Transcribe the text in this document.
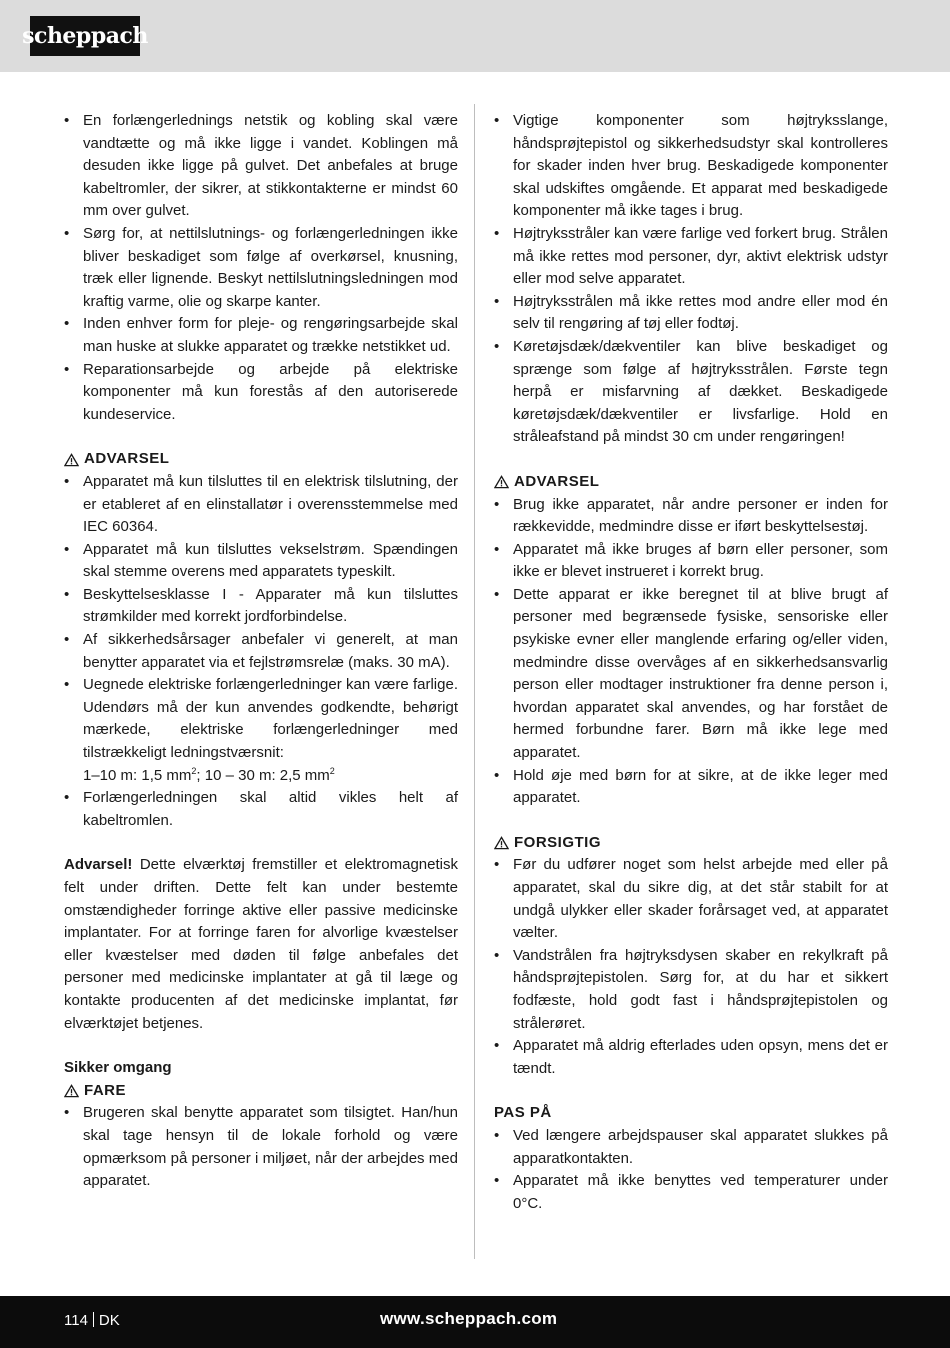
scheppach
• En forlængerlednings netstik og kobling skal være vandtætte og må ikke ligge i vandet. Koblingen må desuden ikke ligge på gulvet. Det anbefales at bruge kabeltromler, der sikrer, at stikkontakterne er mindst 60 mm over gulvet.
• Sørg for, at nettilslutnings- og forlængerledningen ikke bliver beskadiget som følge af overkørsel, knusning, træk eller lignende. Beskyt nettilslutningsledningen mod kraftig varme, olie og skarpe kanter.
• Inden enhver form for pleje- og rengøringsarbejde skal man huske at slukke apparatet og trække netstikket ud.
• Reparationsarbejde og arbejde på elektriske komponenter må kun forestås af den autoriserede kundeservice.
ADVARSEL
• Apparatet må kun tilsluttes til en elektrisk tilslutning, der er etableret af en elinstallatør i overensstemmelse med IEC 60364.
• Apparatet må kun tilsluttes vekselstrøm. Spændingen skal stemme overens med apparatets typeskilt.
• Beskyttelsesklasse I - Apparater må kun tilsluttes strømkilder med korrekt jordforbindelse.
• Af sikkerhedsårsager anbefaler vi generelt, at man benytter apparatet via et fejlstrømsrelæ (maks. 30 mA).
• Uegnede elektriske forlængerledninger kan være farlige. Udendørs må der kun anvendes godkendte, behørigt mærkede, elektriske forlængerledninger med tilstrækkeligt ledningstværsnit:
1–10 m: 1,5 $mm^2$; 10 – 30 m: 2,5 $mm^2$
• Forlængerledningen skal altid vikles helt af kabeltromlen.
Advarsel! Dette elværktøj fremstiller et elektromagnetisk felt under driften. Dette felt kan under bestemte omstændigheder forringe aktive eller passive medicinske implantater. For at forringe faren for alvorlige kvæstelser eller kvæstelser med døden til følge anbefales det personer med medicinske implantater at gå til læge og kontakte producenten af det medicinske implantat, før elværktøjet betjenes.
Sikker omgang
FARE
• Brugeren skal benytte apparatet som tilsigtet. Han/hun skal tage hensyn til de lokale forhold og være opmærksom på personer i miljøet, når der arbejdes med apparatet.
• Vigtige komponenter som højtryksslange, håndsprøjtepistol og sikkerhedsudstyr skal kontrolleres for skader inden hver brug. Beskadigede komponenter skal udskiftes omgående. Et apparat med beskadigede komponenter må ikke tages i brug.
• Højtryksstråler kan være farlige ved forkert brug. Strålen må ikke rettes mod personer, dyr, aktivt elektrisk udstyr eller mod selve apparatet.
• Højtryksstrålen må ikke rettes mod andre eller mod én selv til rengøring af tøj eller fodtøj.
• Køretøjsdæk/dækventiler kan blive beskadiget og sprænge som følge af højtryksstrålen. Første tegn herpå er misfarvning af dækket. Beskadigede køretøjsdæk/dækventiler er livsfarlige. Hold en stråleafstand på mindst 30 cm under rengøringen!
ADVARSEL
• Brug ikke apparatet, når andre personer er inden for rækkevidde, medmindre disse er iført beskyttelsestøj.
• Apparatet må ikke bruges af børn eller personer, som ikke er blevet instrueret i korrekt brug.
• Dette apparat er ikke beregnet til at blive brugt af personer med begrænsede fysiske, sensoriske eller psykiske evner eller manglende erfaring og/eller viden, medmindre disse overvåges af en sikkerhedsansvarlig person eller modtager instruktioner fra denne person i, hvordan apparatet skal anvendes, og har forstået de hermed forbundne farer. Børn må ikke lege med apparatet.
• Hold øje med børn for at sikre, at de ikke leger med apparatet.
FORSIGTIG
• Før du udfører noget som helst arbejde med eller på apparatet, skal du sikre dig, at det står stabilt for at undgå ulykker eller skader forårsaget ved, at apparatet vælter.
• Vandstrålen fra højtryksdysen skaber en rekylkraft på håndsprøjtepistolen. Sørg for, at du har et sikkert fodfæste, hold godt fast i håndsprøjtepistolen og strålerøret.
• Apparatet må aldrig efterlades uden opsyn, mens det er tændt.
PAS PÅ
• Ved længere arbejdspauser skal apparatet slukkes på apparatkontakten.
• Apparatet må ikke benyttes ved temperaturer under 0°C.
114 DK	www.scheppach.com
